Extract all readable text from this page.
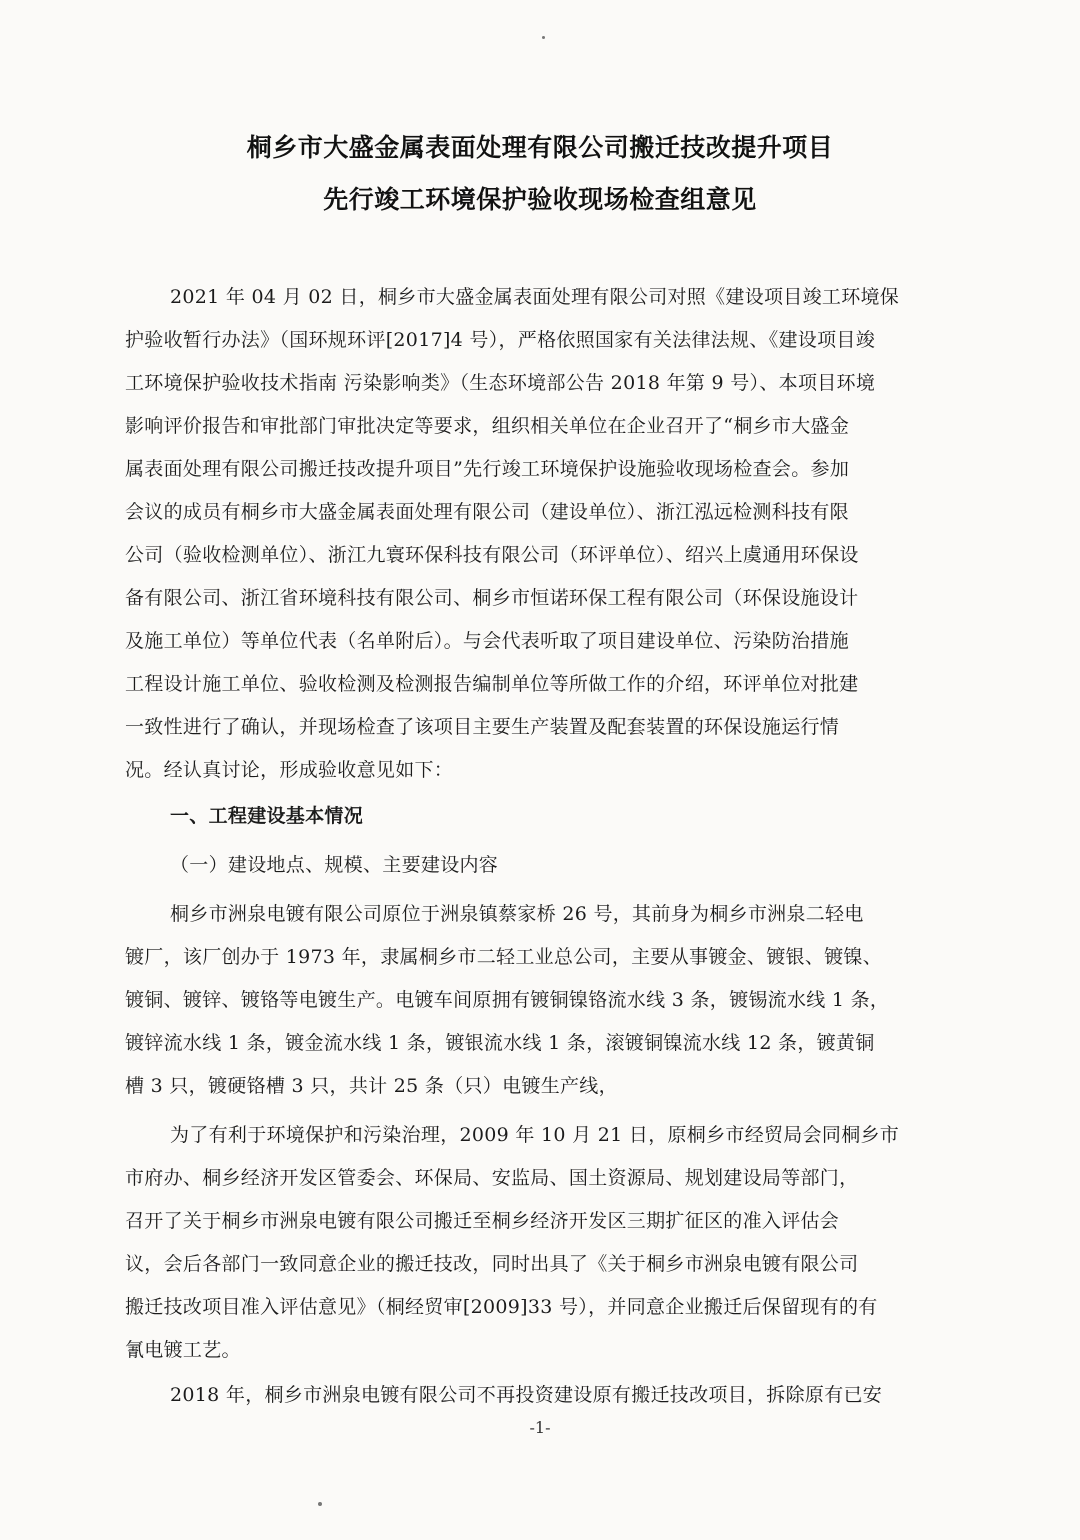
桐乡市大盛金属表面处理有限公司搬迁技改提升项目
先行竣工环境保护验收现场检查组意见
2021 年 04 月 02 日，桐乡市大盛金属表面处理有限公司对照《建设项目竣工环境保
护验收暂行办法》（国环规环评[2017]4 号），严格依照国家有关法律法规、《建设项目竣
工环境保护验收技术指南 污染影响类》（生态环境部公告 2018 年第 9 号）、本项目环境
影响评价报告和审批部门审批决定等要求，组织相关单位在企业召开了“桐乡市大盛金
属表面处理有限公司搬迁技改提升项目”先行竣工环境保护设施验收现场检查会。参加
会议的成员有桐乡市大盛金属表面处理有限公司（建设单位）、浙江泓远检测科技有限
公司（验收检测单位）、浙江九寰环保科技有限公司（环评单位）、绍兴上虞通用环保设
备有限公司、浙江省环境科技有限公司、桐乡市恒诺环保工程有限公司（环保设施设计
及施工单位）等单位代表（名单附后）。与会代表听取了项目建设单位、污染防治措施
工程设计施工单位、验收检测及检测报告编制单位等所做工作的介绍，环评单位对批建
一致性进行了确认，并现场检查了该项目主要生产装置及配套装置的环保设施运行情
况。经认真讨论，形成验收意见如下：
一、工程建设基本情况
（一）建设地点、规模、主要建设内容
桐乡市洲泉电镀有限公司原位于洲泉镇蔡家桥 26 号，其前身为桐乡市洲泉二轻电
镀厂，该厂创办于 1973 年，隶属桐乡市二轻工业总公司，主要从事镀金、镀银、镀镍、
镀铜、镀锌、镀铬等电镀生产。电镀车间原拥有镀铜镍铬流水线 3 条，镀锡流水线 1 条，
镀锌流水线 1 条，镀金流水线 1 条，镀银流水线 1 条，滚镀铜镍流水线 12 条，镀黄铜
槽 3 只，镀硬铬槽 3 只，共计 25 条（只）电镀生产线，
为了有利于环境保护和污染治理，2009 年 10 月 21 日，原桐乡市经贸局会同桐乡市
市府办、桐乡经济开发区管委会、环保局、安监局、国土资源局、规划建设局等部门，
召开了关于桐乡市洲泉电镀有限公司搬迁至桐乡经济开发区三期扩征区的准入评估会
议，会后各部门一致同意企业的搬迁技改，同时出具了《关于桐乡市洲泉电镀有限公司
搬迁技改项目准入评估意见》（桐经贸审[2009]33 号），并同意企业搬迁后保留现有的有
氰电镀工艺。
2018 年，桐乡市洲泉电镀有限公司不再投资建设原有搬迁技改项目，拆除原有已安
-1-
